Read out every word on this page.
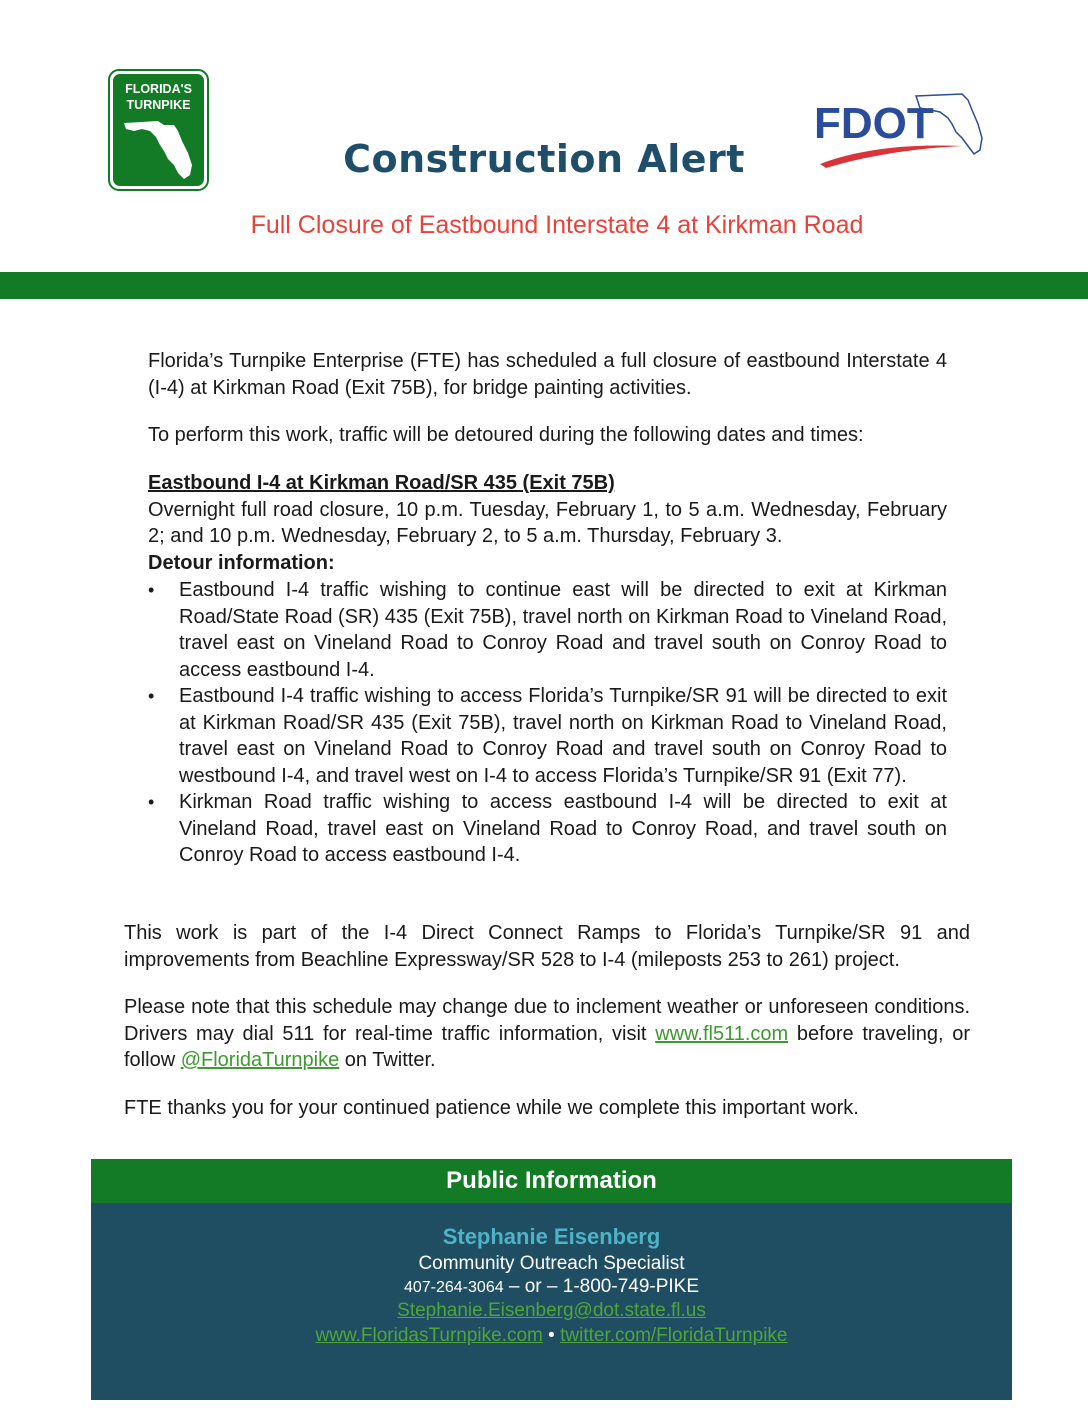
FLORIDA'S
TURNPIKE	FDOT
Construction Alert
Full Closure of Eastbound Interstate 4 at Kirkman Road
Florida’s Turnpike Enterprise (FTE) has scheduled a full closure of eastbound Interstate 4 (I-4) at Kirkman Road (Exit 75B), for bridge painting activities.
To perform this work, traffic will be detoured during the following dates and times:
Eastbound I-4 at Kirkman Road/SR 435 (Exit 75B)
Overnight full road closure, 10 p.m. Tuesday, February 1, to 5 a.m. Wednesday, February 2; and 10 p.m. Wednesday, February 2, to 5 a.m. Thursday, February 3.
Detour information:
• Eastbound I-4 traffic wishing to continue east will be directed to exit at Kirkman Road/State Road (SR) 435 (Exit 75B), travel north on Kirkman Road to Vineland Road, travel east on Vineland Road to Conroy Road and travel south on Conroy Road to access eastbound I-4.
• Eastbound I-4 traffic wishing to access Florida’s Turnpike/SR 91 will be directed to exit at Kirkman Road/SR 435 (Exit 75B), travel north on Kirkman Road to Vineland Road, travel east on Vineland Road to Conroy Road and travel south on Conroy Road to westbound I-4, and travel west on I-4 to access Florida’s Turnpike/SR 91 (Exit 77).
• Kirkman Road traffic wishing to access eastbound I-4 will be directed to exit at Vineland Road, travel east on Vineland Road to Conroy Road, and travel south on Conroy Road to access eastbound I-4.
This work is part of the I-4 Direct Connect Ramps to Florida’s Turnpike/SR 91 and improvements from Beachline Expressway/SR 528 to I-4 (mileposts 253 to 261) project.
Please note that this schedule may change due to inclement weather or unforeseen conditions. Drivers may dial 511 for real-time traffic information, visit www.fl511.com before traveling, or follow @FloridaTurnpike on Twitter.
FTE thanks you for your continued patience while we complete this important work.
Public Information
Stephanie Eisenberg
Community Outreach Specialist
407-264-3064 – or – 1-800-749-PIKE
Stephanie.Eisenberg@dot.state.fl.us
www.FloridasTurnpike.com • twitter.com/FloridaTurnpike
